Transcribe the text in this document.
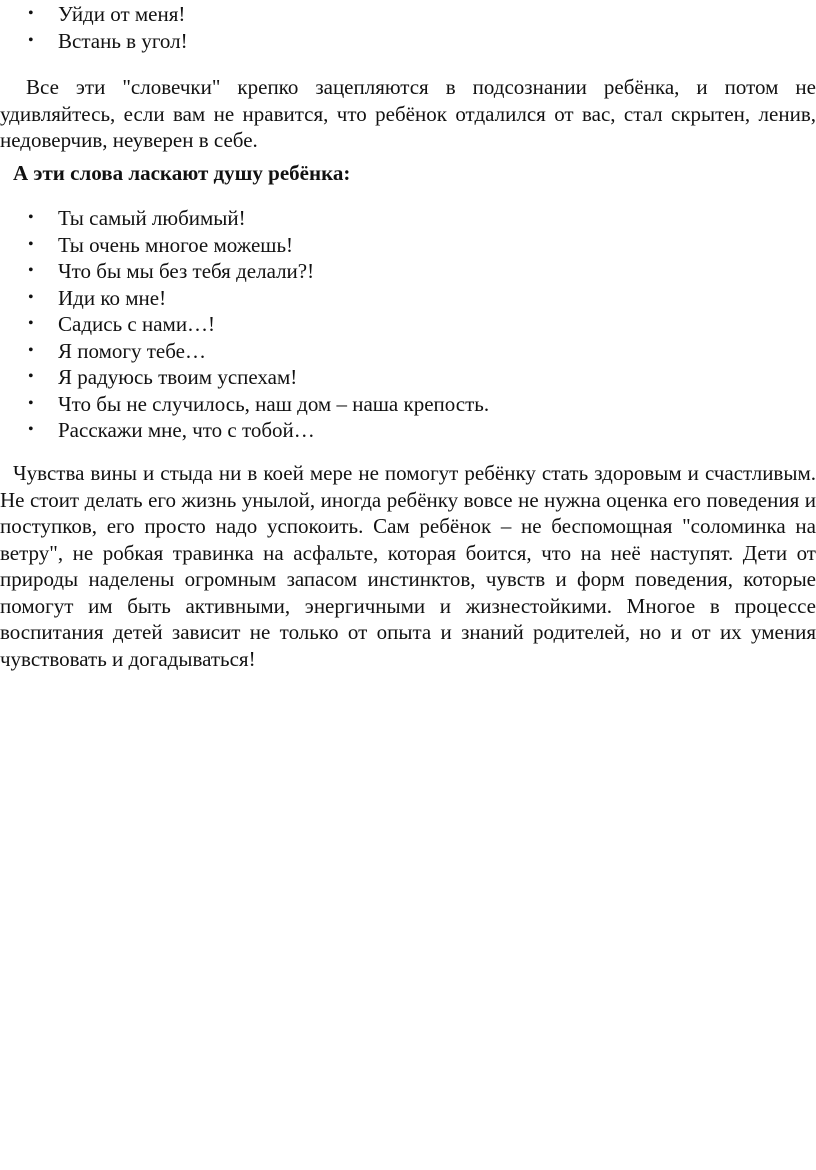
• Уйди от меня!
• Встань в угол!

Все эти "словечки" крепко зацепляются в подсознании ребёнка, и потом не удивляйтесь, если вам не нравится, что ребёнок отдалился от вас, стал скрытен, ленив, недоверчив, неуверен в себе.

А эти слова ласкают душу ребёнка:

• Ты самый любимый!
• Ты очень многое можешь!
• Что бы мы без тебя делали?!
• Иди ко мне!
• Садись с нами…!
• Я помогу тебе…
• Я радуюсь твоим успехам!
• Что бы не случилось, наш дом – наша крепость.
• Расскажи мне, что с тобой…

Чувства вины и стыда ни в коей мере не помогут ребёнку стать здоровым и счастливым. Не стоит делать его жизнь унылой, иногда ребёнку вовсе не нужна оценка его поведения и поступков, его просто надо успокоить. Сам ребёнок – не беспомощная "соломинка на ветру", не робкая травинка на асфальте, которая боится, что на неё наступят. Дети от природы наделены огромным запасом инстинктов, чувств и форм поведения, которые помогут им быть активными, энергичными и жизнестойкими. Многое в процессе воспитания детей зависит не только от опыта и знаний родителей, но и от их умения чувствовать и догадываться!
